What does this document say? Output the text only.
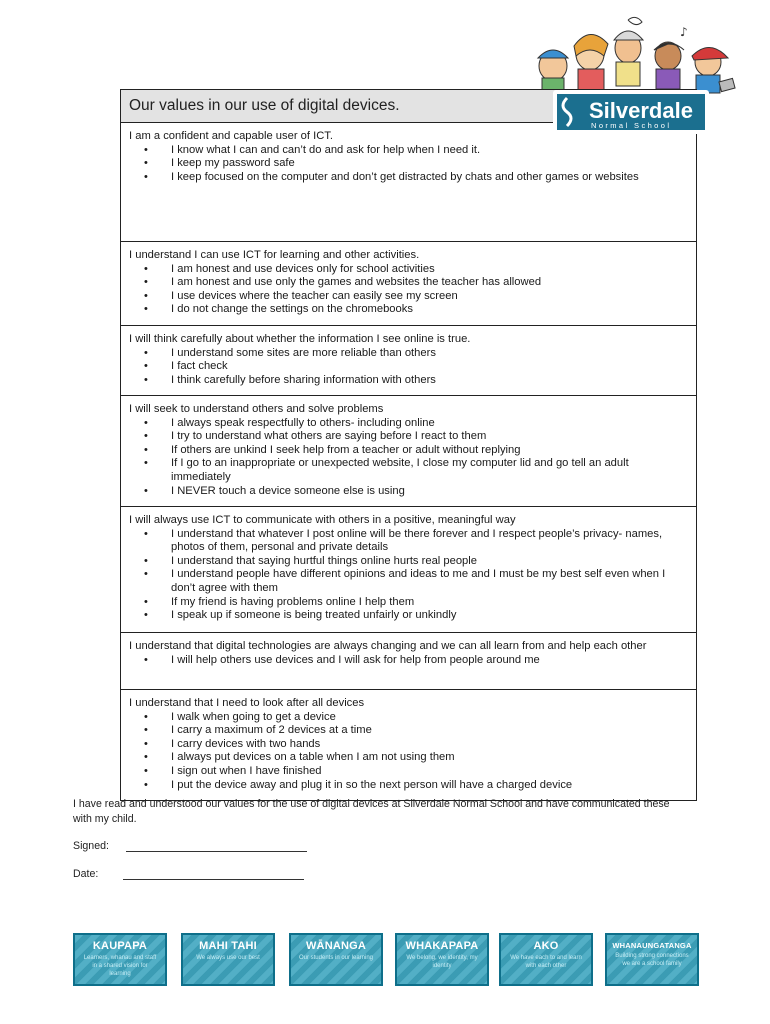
♪
Our values in our use of digital devices.
I am a confident and capable user of ICT.
• I know what I can and can’t do and ask for help when I need it.
• I keep my password safe
• I keep focused on the computer and don’t get distracted by chats and other games or websites
I understand I can use ICT for learning and other activities.
• I am honest and use devices only for school activities
• I am honest and use only the games and websites the teacher has allowed
• I use devices where the teacher can easily see my screen
• I do not change the settings on the chromebooks
I will think carefully about whether the information I see online is true.
• I understand some sites are more reliable than others
• I fact check
• I think carefully before sharing information with others
I will seek to understand others and solve problems
• I always speak respectfully to others- including online
• I try to understand what others are saying before I react to them
• If others are unkind I seek help from a teacher or adult without replying
• If I go to an inappropriate or unexpected website, I close my computer lid and go tell an adult immediately
• I NEVER touch a device someone else is using
I will always use ICT to communicate with others in a positive, meaningful way
• I understand that whatever I post online will be there forever and I respect people’s privacy- names, photos of them, personal and private details
• I understand that saying hurtful things online hurts real people
• I understand people have different opinions and ideas to me and I must be my best self even when I don’t agree with them
• If my friend is having problems online I help them
• I speak up if someone is being treated unfairly or unkindly
I understand that digital technologies are always changing and we can all learn from and help each other
• I will help others use devices and I will ask for help from people around me
I understand that I need to look after all devices
• I walk when going to get a device
• I carry a maximum of 2 devices at a time
• I carry devices with two hands
• I always put devices on a table when I am not using them
• I sign out when I have finished
• I put the device away and plug it in so the next person will have a charged device
Silverdale
Normal School
I have read and understood our values for the use of digital devices at Silverdale Normal School and have communicated these with my child.
Signed:
Date:
KAUPAPA
Learners, whanau and staff in a shared vision for learning
MAHI TAHI
We always use our best
WĀNANGA
Our students in our learning
WHAKAPAPA
We belong, we identity, my identity
AKO
We have each to and learn with each other
WHANAUNGATANGA
Building strong connections we are a school family
